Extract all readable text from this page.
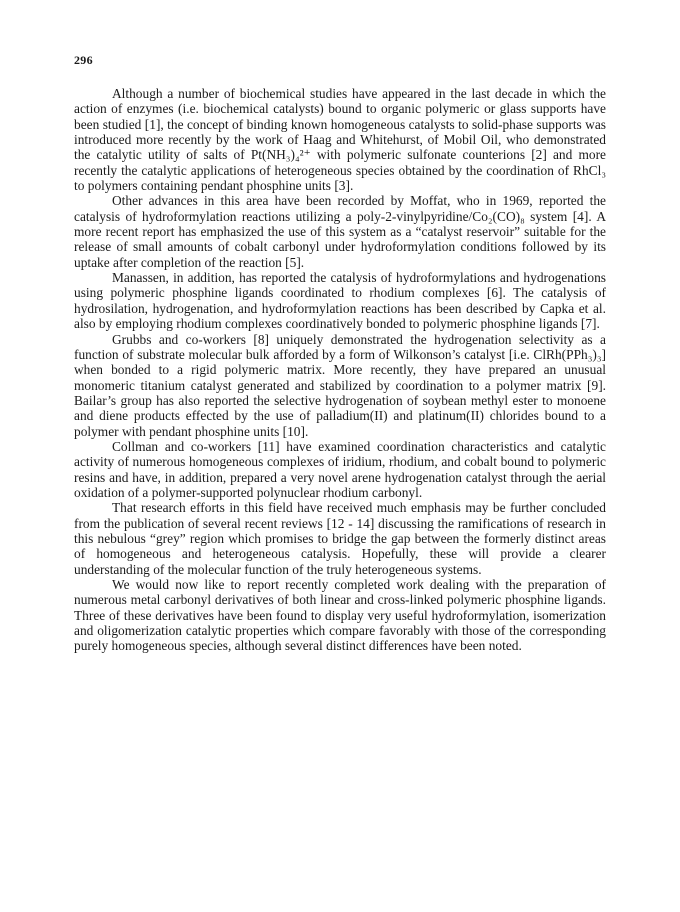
296

Although a number of biochemical studies have appeared in the last decade in which the action of enzymes (i.e. biochemical catalysts) bound to organic polymeric or glass supports have been studied [1], the concept of binding known homogeneous catalysts to solid-phase supports was introduced more recently by the work of Haag and Whitehurst, of Mobil Oil, who demonstrated the catalytic utility of salts of Pt(NH₃)₄²⁺ with polymeric sulfonate counterions [2] and more recently the catalytic applications of heterogeneous species obtained by the coordination of RhCl₃ to polymers containing pendant phosphine units [3].

Other advances in this area have been recorded by Moffat, who in 1969, reported the catalysis of hydroformylation reactions utilizing a poly-2-vinylpyridine/Co₂(CO)₈ system [4]. A more recent report has emphasized the use of this system as a “catalyst reservoir” suitable for the release of small amounts of cobalt carbonyl under hydroformylation conditions followed by its uptake after completion of the reaction [5].

Manassen, in addition, has reported the catalysis of hydroformylations and hydrogenations using polymeric phosphine ligands coordinated to rhodium complexes [6]. The catalysis of hydrosilation, hydrogenation, and hydroformylation reactions has been described by Capka et al. also by employing rhodium complexes coordinatively bonded to polymeric phosphine ligands [7].

Grubbs and co-workers [8] uniquely demonstrated the hydrogenation selectivity as a function of substrate molecular bulk afforded by a form of Wilkonson’s catalyst [i.e. ClRh(PPh₃)₃] when bonded to a rigid polymeric matrix. More recently, they have prepared an unusual monomeric titanium catalyst generated and stabilized by coordination to a polymer matrix [9]. Bailar’s group has also reported the selective hydrogenation of soybean methyl ester to monoene and diene products effected by the use of palladium(II) and platinum(II) chlorides bound to a polymer with pendant phosphine units [10].

Collman and co-workers [11] have examined coordination characteristics and catalytic activity of numerous homogeneous complexes of iridium, rhodium, and cobalt bound to polymeric resins and have, in addition, prepared a very novel arene hydrogenation catalyst through the aerial oxidation of a polymer-supported polynuclear rhodium carbonyl.

That research efforts in this field have received much emphasis may be further concluded from the publication of several recent reviews [12 - 14] discussing the ramifications of research in this nebulous “grey” region which promises to bridge the gap between the formerly distinct areas of homogeneous and heterogeneous catalysis. Hopefully, these will provide a clearer understanding of the molecular function of the truly heterogeneous systems.

We would now like to report recently completed work dealing with the preparation of numerous metal carbonyl derivatives of both linear and cross-linked polymeric phosphine ligands. Three of these derivatives have been found to display very useful hydroformylation, isomerization and oligomerization catalytic properties which compare favorably with those of the corresponding purely homogeneous species, although several distinct differences have been noted.
